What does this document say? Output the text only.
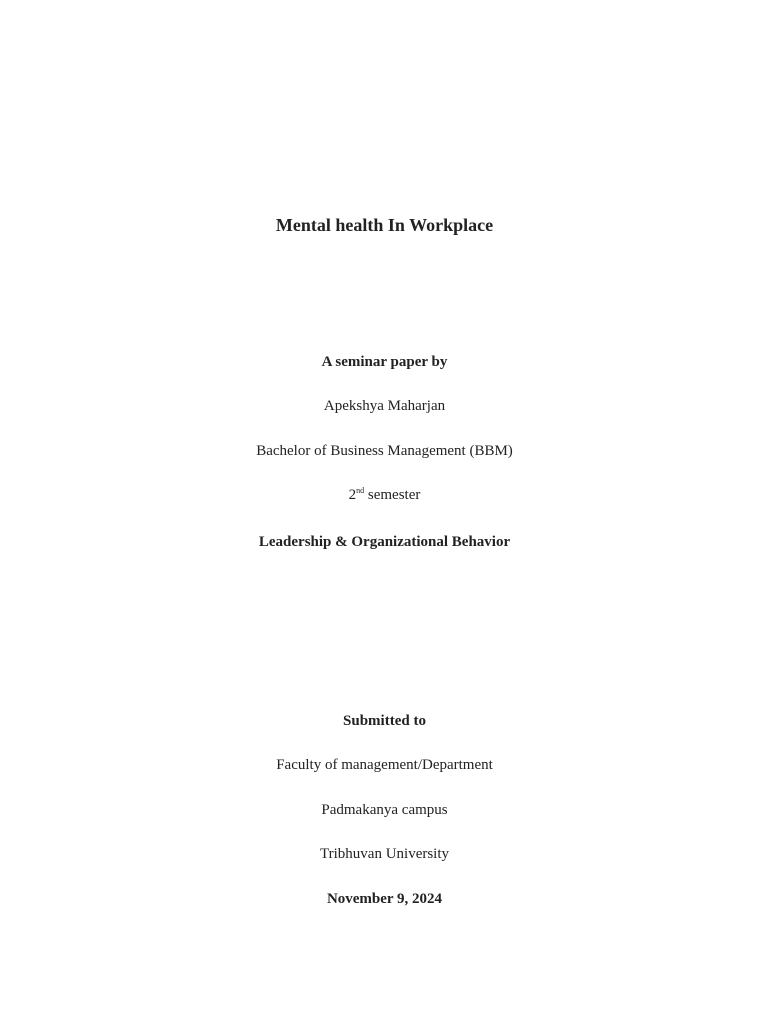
Mental health In Workplace
A seminar paper by
Apekshya Maharjan
Bachelor of Business Management (BBM)
2nd semester
Leadership & Organizational Behavior
Submitted to
Faculty of management/Department
Padmakanya campus
Tribhuvan University
November 9, 2024
